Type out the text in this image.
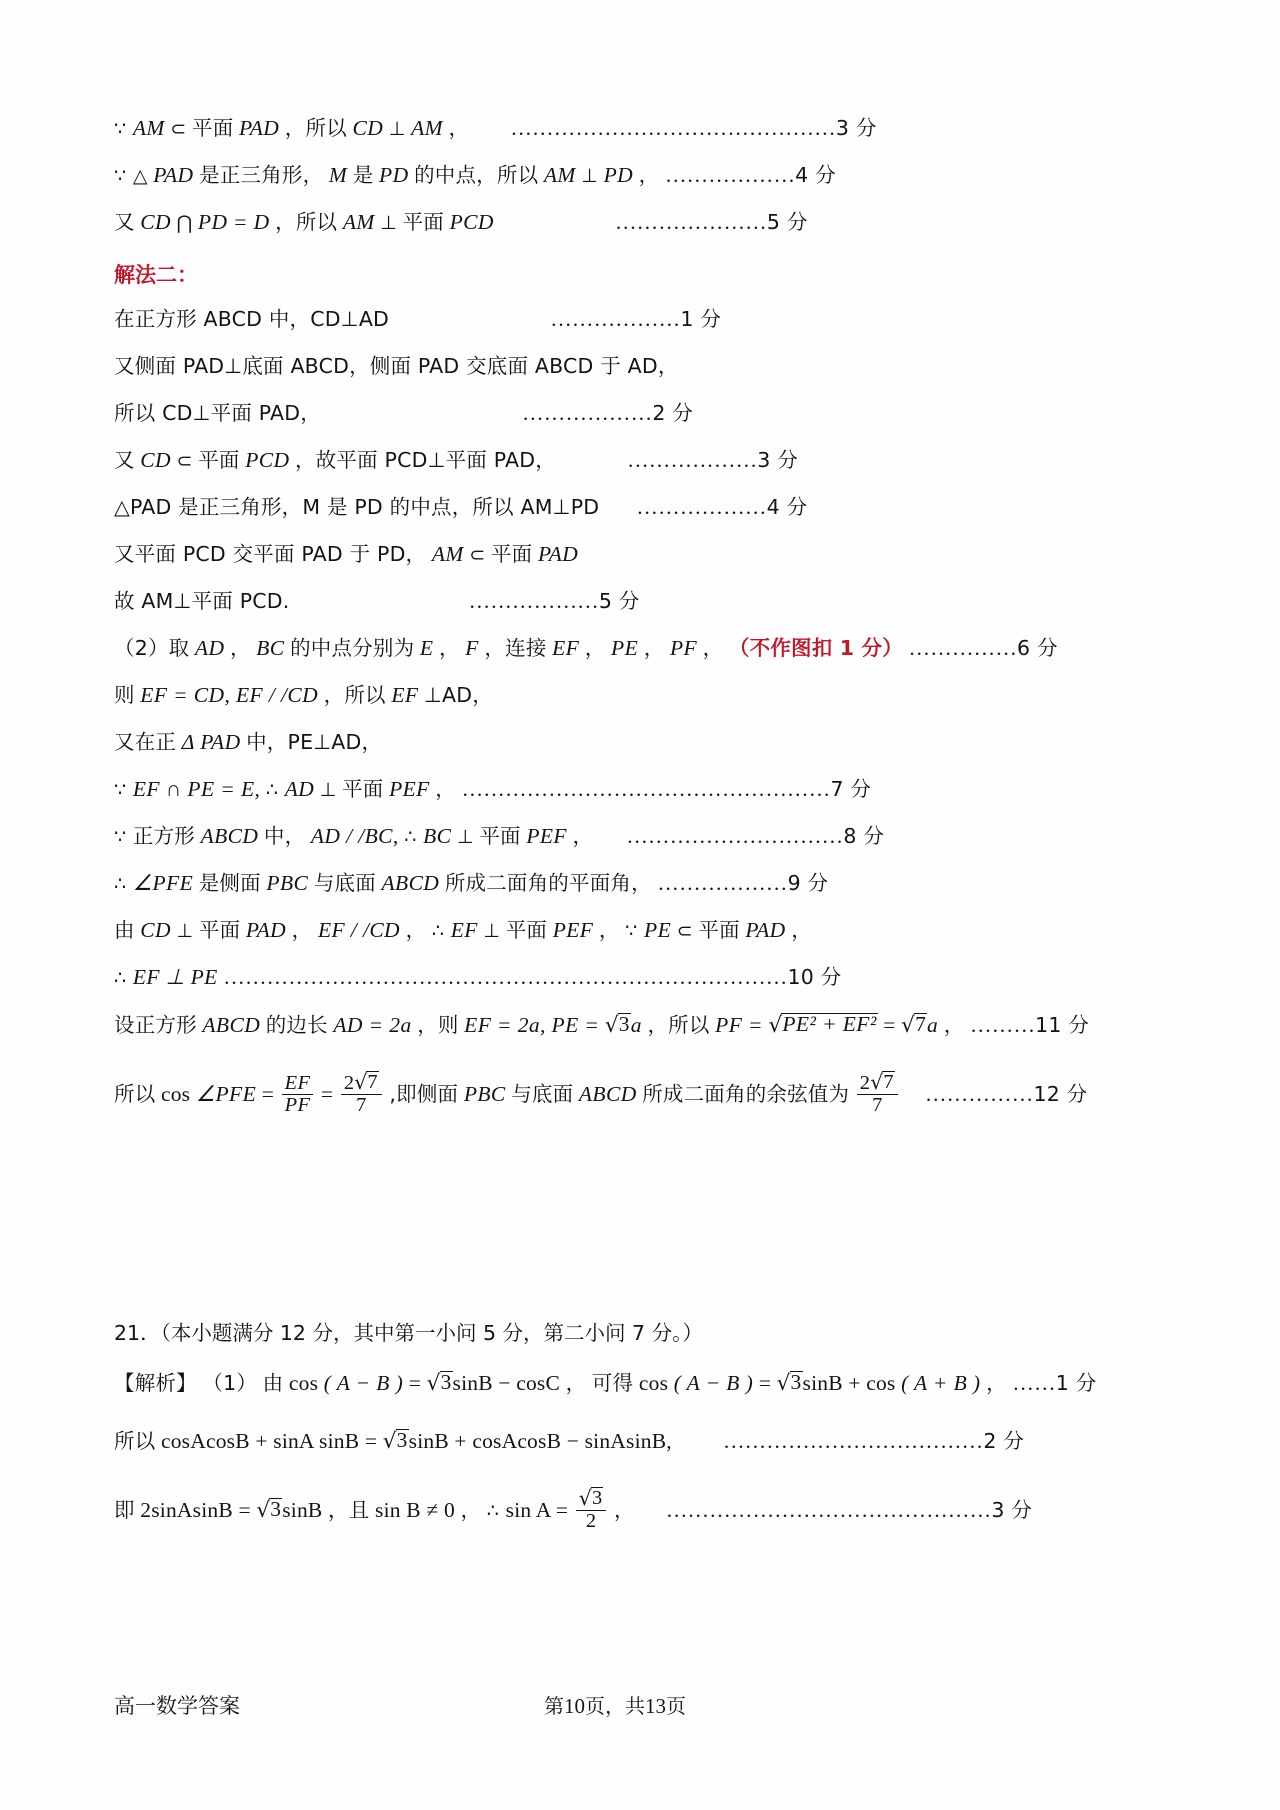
∵ AM ⊂ 平面 PAD ，所以 CD ⊥ AM ， ………………………………………3 分
∵ △ PAD 是正三角形， M 是 PD 的中点，所以 AM ⊥ PD ， ………………4 分
又 CD ⋂ PD = D ，所以 AM ⊥ 平面 PCD	…………………5 分
解法二：
在正方形 ABCD 中，CD⊥AD	………………1 分
又侧面 PAD⊥底面 ABCD，侧面 PAD 交底面 ABCD 于 AD，
所以 CD⊥平面 PAD，	………………2 分
又 CD ⊂ 平面 PCD ，故平面 PCD⊥平面 PAD，	………………3 分
△PAD 是正三角形，M 是 PD 的中点，所以 AM⊥PD ………………4 分
又平面 PCD 交平面 PAD 于 PD， AM ⊂ 平面 PAD
故 AM⊥平面 PCD.	………………5 分
（2）取 AD ， BC 的中点分别为 E ， F ，连接 EF ， PE ， PF ， （不作图扣 1 分） ……………6 分
则 EF = CD, EF / /CD ，所以 EF ⊥AD，
又在正 Δ PAD 中，PE⊥AD，
∵ EF ∩ PE = E, ∴ AD ⊥ 平面 PEF ， ……………………………………………7 分
∵ 正方形 ABCD 中， AD / /BC, ∴ BC ⊥ 平面 PEF ， …………………………8 分
∴ ∠PFE 是侧面 PBC 与底面 ABCD 所成二面角的平面角， ………………9 分
由 CD ⊥ 平面 PAD ， EF / /CD ， ∴ EF ⊥ 平面 PEF ， ∵ PE ⊂ 平面 PAD ，
∴ EF ⊥ PE ……………………………………………………………………10 分
设正方形 ABCD 的边长 AD = 2a ，则 EF = 2a, PE = √3a ，所以 PF = √PE² + EF² = √7a ， ………11 分
所以 cos ∠PFE = $\frac{EF}{PF} = \frac{2√7}{7}$ ,即侧面 PBC 与底面 ABCD 所成二面角的余弦值为 $\frac{2√7}{7}$ ……………12 分
21．（本小题满分 12 分，其中第一小问 5 分，第二小问 7 分。）
【解析】 （1） 由 cos ( A − B ) = √3sinB − cosC ， 可得 cos ( A − B ) = √3sinB + cos ( A + B ) ， ……1 分
所以 cosAcosB + sinA sinB = √3sinB + cosAcosB − sinAsinB, ………………………………2 分
即 2sinAsinB = √3sinB ，且 sin B ≠ 0 ， ∴ $\sin A = \frac{√3}{2}$ ， ………………………………………3 分
高一数学答案	第10页，共13页
